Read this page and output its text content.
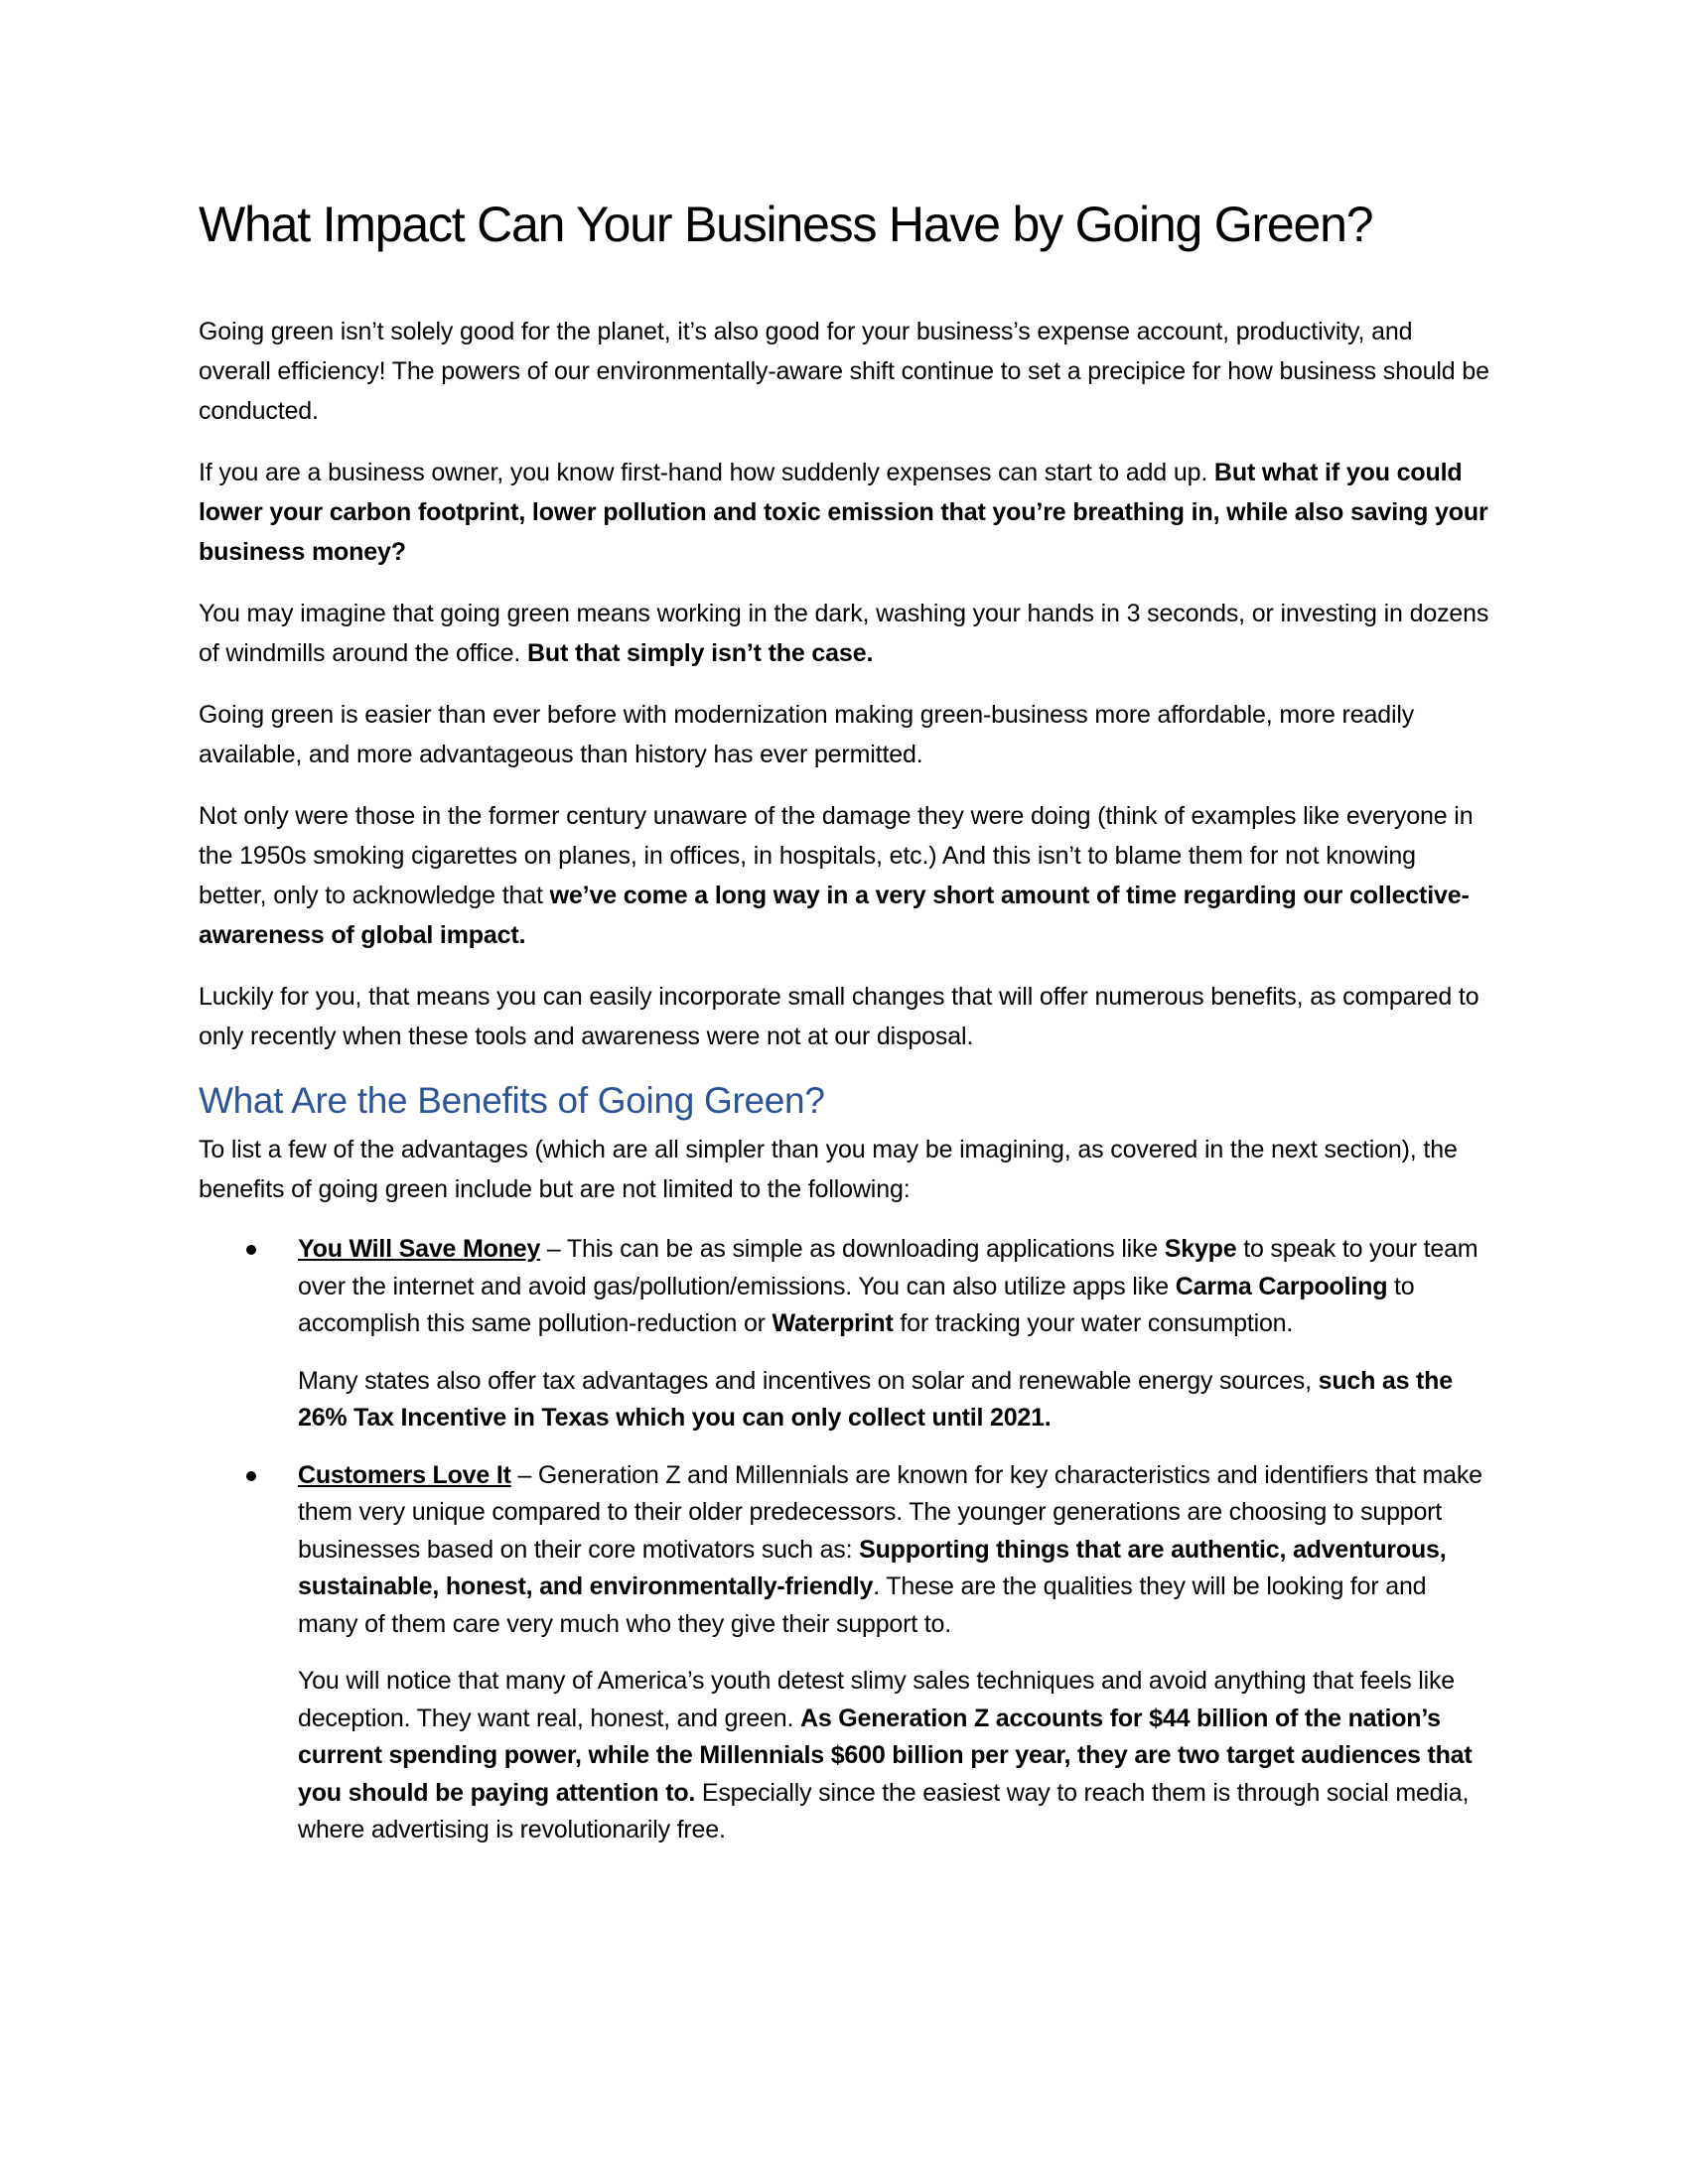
What Impact Can Your Business Have by Going Green?

Going green isn’t solely good for the planet, it’s also good for your business’s expense account, productivity, and overall efficiency! The powers of our environmentally-aware shift continue to set a precipice for how business should be conducted.

If you are a business owner, you know first-hand how suddenly expenses can start to add up. But what if you could lower your carbon footprint, lower pollution and toxic emission that you’re breathing in, while also saving your business money?

You may imagine that going green means working in the dark, washing your hands in 3 seconds, or investing in dozens of windmills around the office. But that simply isn’t the case.

Going green is easier than ever before with modernization making green-business more affordable, more readily available, and more advantageous than history has ever permitted.

Not only were those in the former century unaware of the damage they were doing (think of examples like everyone in the 1950s smoking cigarettes on planes, in offices, in hospitals, etc.) And this isn’t to blame them for not knowing better, only to acknowledge that we’ve come a long way in a very short amount of time regarding our collective-awareness of global impact.

Luckily for you, that means you can easily incorporate small changes that will offer numerous benefits, as compared to only recently when these tools and awareness were not at our disposal.

What Are the Benefits of Going Green?

To list a few of the advantages (which are all simpler than you may be imagining, as covered in the next section), the benefits of going green include but are not limited to the following:

You Will Save Money – This can be as simple as downloading applications like Skype to speak to your team over the internet and avoid gas/pollution/emissions. You can also utilize apps like Carma Carpooling to accomplish this same pollution-reduction or Waterprint for tracking your water consumption.

Many states also offer tax advantages and incentives on solar and renewable energy sources, such as the 26% Tax Incentive in Texas which you can only collect until 2021.

Customers Love It – Generation Z and Millennials are known for key characteristics and identifiers that make them very unique compared to their older predecessors. The younger generations are choosing to support businesses based on their core motivators such as: Supporting things that are authentic, adventurous, sustainable, honest, and environmentally-friendly. These are the qualities they will be looking for and many of them care very much who they give their support to.

You will notice that many of America’s youth detest slimy sales techniques and avoid anything that feels like deception. They want real, honest, and green. As Generation Z accounts for $44 billion of the nation’s current spending power, while the Millennials $600 billion per year, they are two target audiences that you should be paying attention to. Especially since the easiest way to reach them is through social media, where advertising is revolutionarily free.
